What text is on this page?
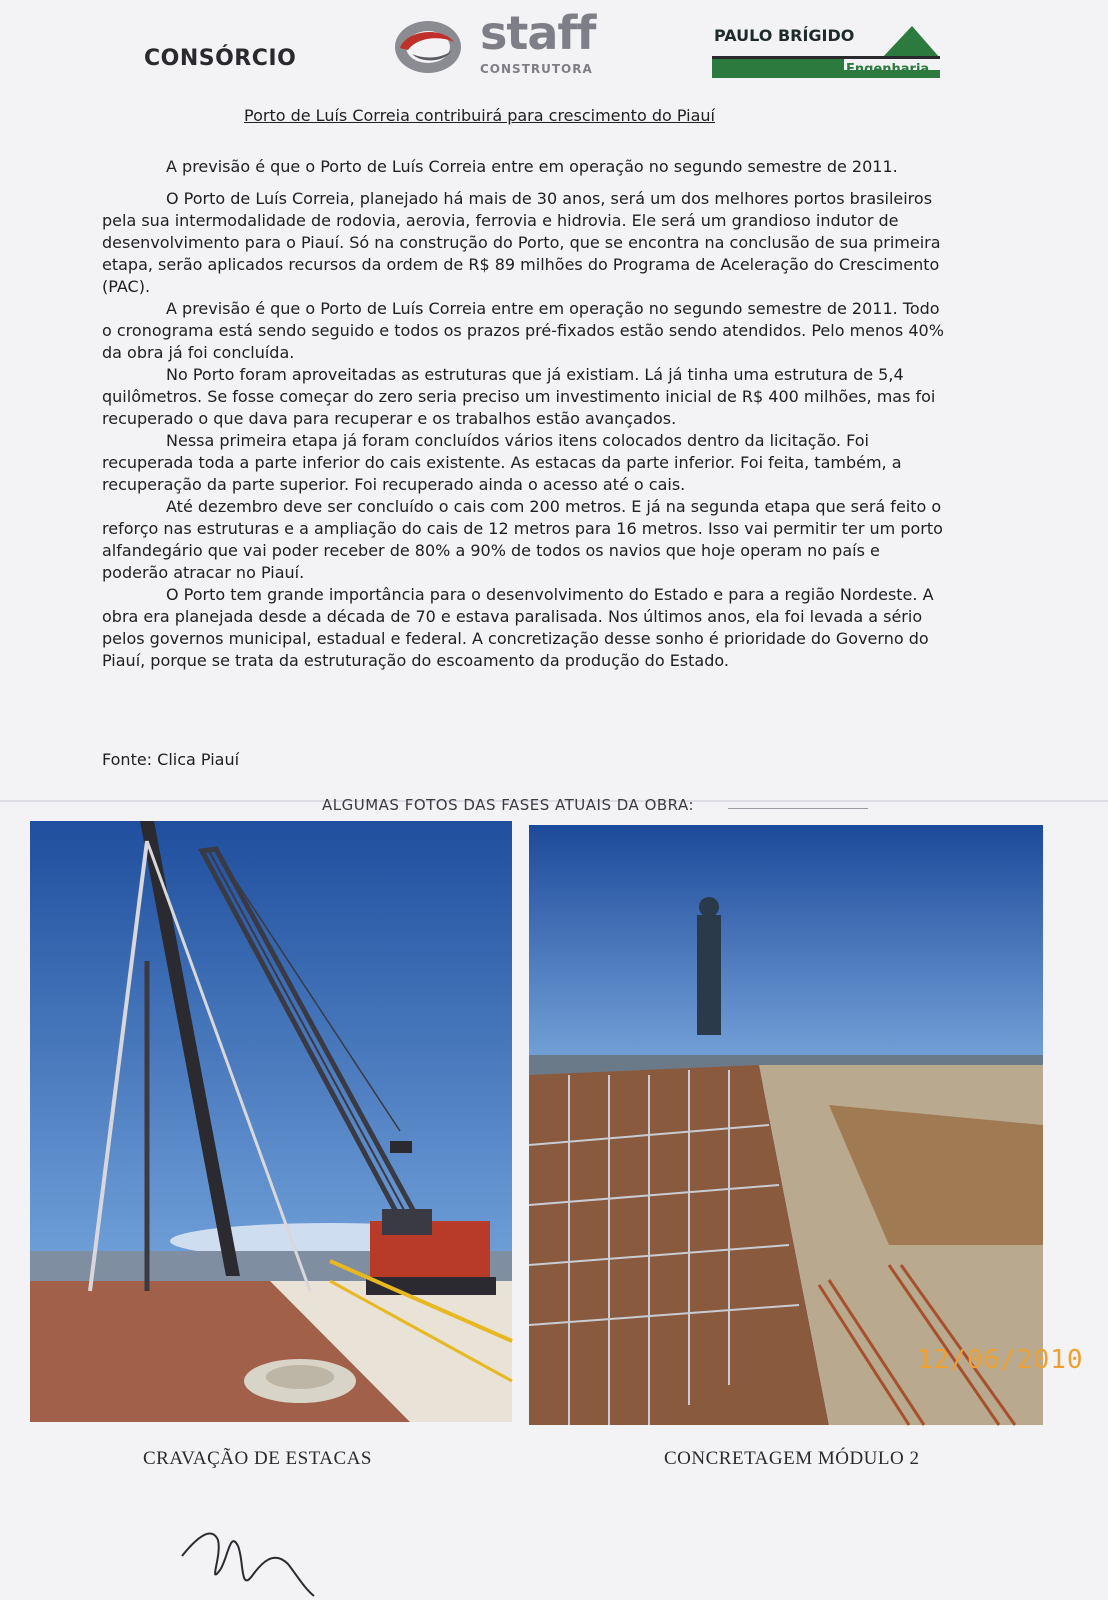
CONSÓRCIO	staff
CONSTRUTORA
PAULO BRÍGIDO
Engenharia
Porto de Luís Correia contribuirá para crescimento do Piauí

A previsão é que o Porto de Luís Correia entre em operação no segundo semestre de 2011.

O Porto de Luís Correia, planejado há mais de 30 anos, será um dos melhores portos brasileiros pela sua intermodalidade de rodovia, aerovia, ferrovia e hidrovia. Ele será um grandioso indutor de desenvolvimento para o Piauí. Só na construção do Porto, que se encontra na conclusão de sua primeira etapa, serão aplicados recursos da ordem de R$ 89 milhões do Programa de Aceleração do Crescimento (PAC).

A previsão é que o Porto de Luís Correia entre em operação no segundo semestre de 2011. Todo o cronograma está sendo seguido e todos os prazos pré-fixados estão sendo atendidos. Pelo menos 40% da obra já foi concluída.

No Porto foram aproveitadas as estruturas que já existiam. Lá já tinha uma estrutura de 5,4 quilômetros. Se fosse começar do zero seria preciso um investimento inicial de R$ 400 milhões, mas foi recuperado o que dava para recuperar e os trabalhos estão avançados.

Nessa primeira etapa já foram concluídos vários itens colocados dentro da licitação. Foi recuperada toda a parte inferior do cais existente. As estacas da parte inferior. Foi feita, também, a recuperação da parte superior. Foi recuperado ainda o acesso até o cais.

Até dezembro deve ser concluído o cais com 200 metros. E já na segunda etapa que será feito o reforço nas estruturas e a ampliação do cais de 12 metros para 16 metros. Isso vai permitir ter um porto alfandegário que vai poder receber de 80% a 90% de todos os navios que hoje operam no país e poderão atracar no Piauí.

O Porto tem grande importância para o desenvolvimento do Estado e para a região Nordeste. A obra era planejada desde a década de 70 e estava paralisada. Nos últimos anos, ela foi levada a sério pelos governos municipal, estadual e federal. A concretização desse sonho é prioridade do Governo do Piauí, porque se trata da estruturação do escoamento da produção do Estado.

Fonte: Clica Piauí
ALGUMAS FOTOS DAS FASES ATUAIS DA OBRA:
12/06/2010
CRAVAÇÃO DE ESTACAS	CONCRETAGEM MÓDULO 2
